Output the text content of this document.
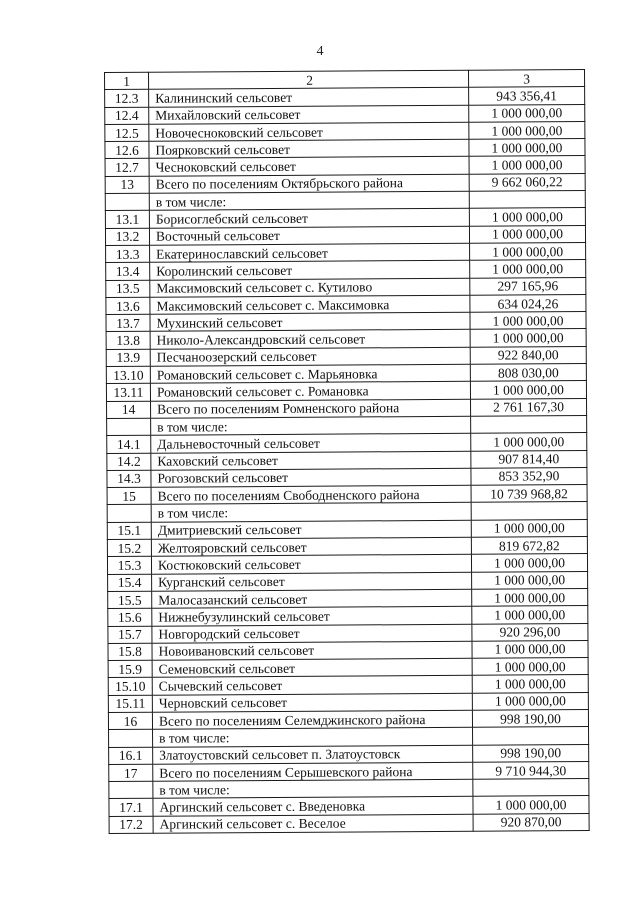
4
1	2	3
12.3	Калининский сельсовет	943 356,41
12.4	Михайловский сельсовет	1 000 000,00
12.5	Новочесноковский сельсовет	1 000 000,00
12.6	Поярковский сельсовет	1 000 000,00
12.7	Чесноковский сельсовет	1 000 000,00
13	Всего по поселениям Октябрьского района	9 662 060,22
	в том числе:	
13.1	Борисоглебский сельсовет	1 000 000,00
13.2	Восточный сельсовет	1 000 000,00
13.3	Екатеринославский сельсовет	1 000 000,00
13.4	Королинский сельсовет	1 000 000,00
13.5	Максимовский сельсовет с. Кутилово	297 165,96
13.6	Максимовский сельсовет с. Максимовка	634 024,26
13.7	Мухинский сельсовет	1 000 000,00
13.8	Николо-Александровский сельсовет	1 000 000,00
13.9	Песчаноозерский сельсовет	922 840,00
13.10	Романовский сельсовет с. Марьяновка	808 030,00
13.11	Романовский сельсовет с. Романовка	1 000 000,00
14	Всего по поселениям Ромненского района	2 761 167,30
	в том числе:	
14.1	Дальневосточный сельсовет	1 000 000,00
14.2	Каховский сельсовет	907 814,40
14.3	Рогозовский сельсовет	853 352,90
15	Всего по поселениям Свободненского района	10 739 968,82
	в том числе:	
15.1	Дмитриевский сельсовет	1 000 000,00
15.2	Желтояровский сельсовет	819 672,82
15.3	Костюковский сельсовет	1 000 000,00
15.4	Курганский сельсовет	1 000 000,00
15.5	Малосазанский сельсовет	1 000 000,00
15.6	Нижнебузулинский сельсовет	1 000 000,00
15.7	Новгородский сельсовет	920 296,00
15.8	Новоивановский сельсовет	1 000 000,00
15.9	Семеновский сельсовет	1 000 000,00
15.10	Сычевский сельсовет	1 000 000,00
15.11	Черновский сельсовет	1 000 000,00
16	Всего по поселениям Селемджинского района	998 190,00
	в том числе:	
16.1	Златоустовский сельсовет п. Златоустовск	998 190,00
17	Всего по поселениям Серышевского района	9 710 944,30
	в том числе:	
17.1	Аргинский сельсовет с. Введеновка	1 000 000,00
17.2	Аргинский сельсовет с. Веселое	920 870,00
